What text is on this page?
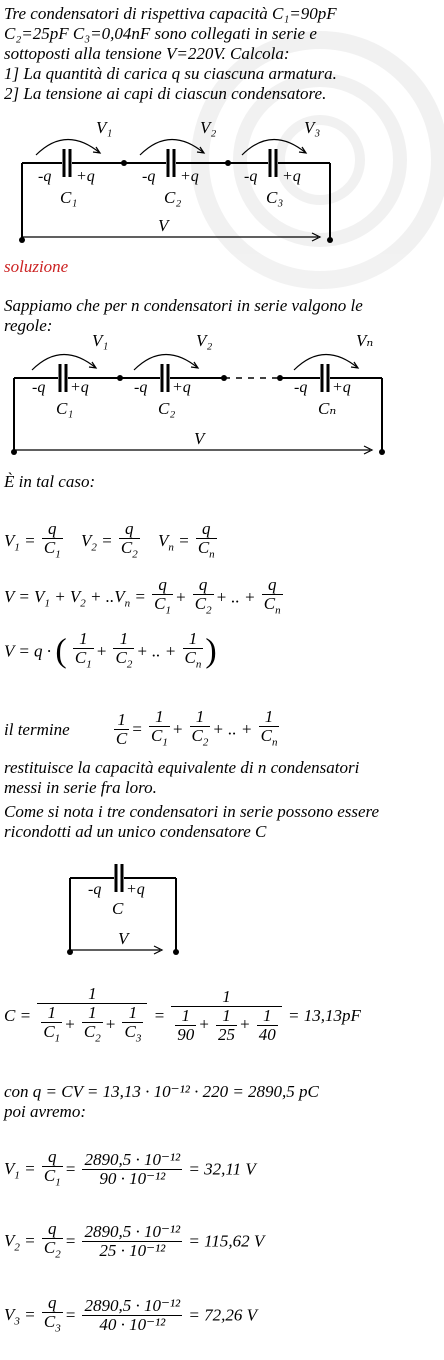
Tre condensatori di rispettiva capacità C₁=90pF
C₂=25pF C₃=0,04nF sono collegati in serie e
sottoposti alla tensione V=220V. Calcola:
1] La quantità di carica q su ciascuna armatura.
2] La tensione ai capi di ciascun condensatore.
V₁	V₂	V₃
-q +q	-q +q	-q +q
C₁	C₂	C₃
V
soluzione
Sappiamo che per n condensatori in serie valgono le
regole:
V₁	V₂	Vₙ
-q +q	-q +q	-q +q
C₁	C₂	Cₙ
V
È in tal caso:
$V_1 = \frac{q}{C_1} V_2 = \frac{q}{C_2} V_n = \frac{q}{C_n}$
$V = V_1 + V_2 + ..V_n = \frac{q}{C_1} + \frac{q}{C_2}$ + .. + $\frac{q}{C_n}$
V = q · ( $\frac{1}{C_1} + \frac{1}{C_2}$ + .. + $\frac{1}{C_n}$ )
il termine	$\frac{1}{C} = \frac{1}{C_1} + \frac{1}{C_2}$ + .. + $\frac{1}{C_n}$
restituisce la capacità equivalente di n condensatori
messi in serie fra loro.
Come si nota i tre condensatori in serie possono essere
ricondotti ad un unico condensatore C
-q +q
C
V
$C = \frac{1}{\frac{1}{C_1} + \frac{1}{C_2} + \frac{1}{C_3}} = \frac{1}{\frac{1}{90} + \frac{1}{25} + \frac{1}{40}} = 13,13pF$
con q = CV = 13,13 · 10⁻¹² · 220 = 2890,5 pC
poi avremo:
$V_1 = \frac{q}{C_1} = \frac{\text{2890,5 · 10⁻¹²}}{\text{90 · 10⁻¹²}} = 32,11$ V
$V_2 = \frac{q}{C_2} = \frac{\text{2890,5 · 10⁻¹²}}{\text{25 · 10⁻¹²}} = 115,62$ V
$V_3 = \frac{q}{C_3} = \frac{\text{2890,5 · 10⁻¹²}}{\text{40 · 10⁻¹²}} = 72,26$ V
